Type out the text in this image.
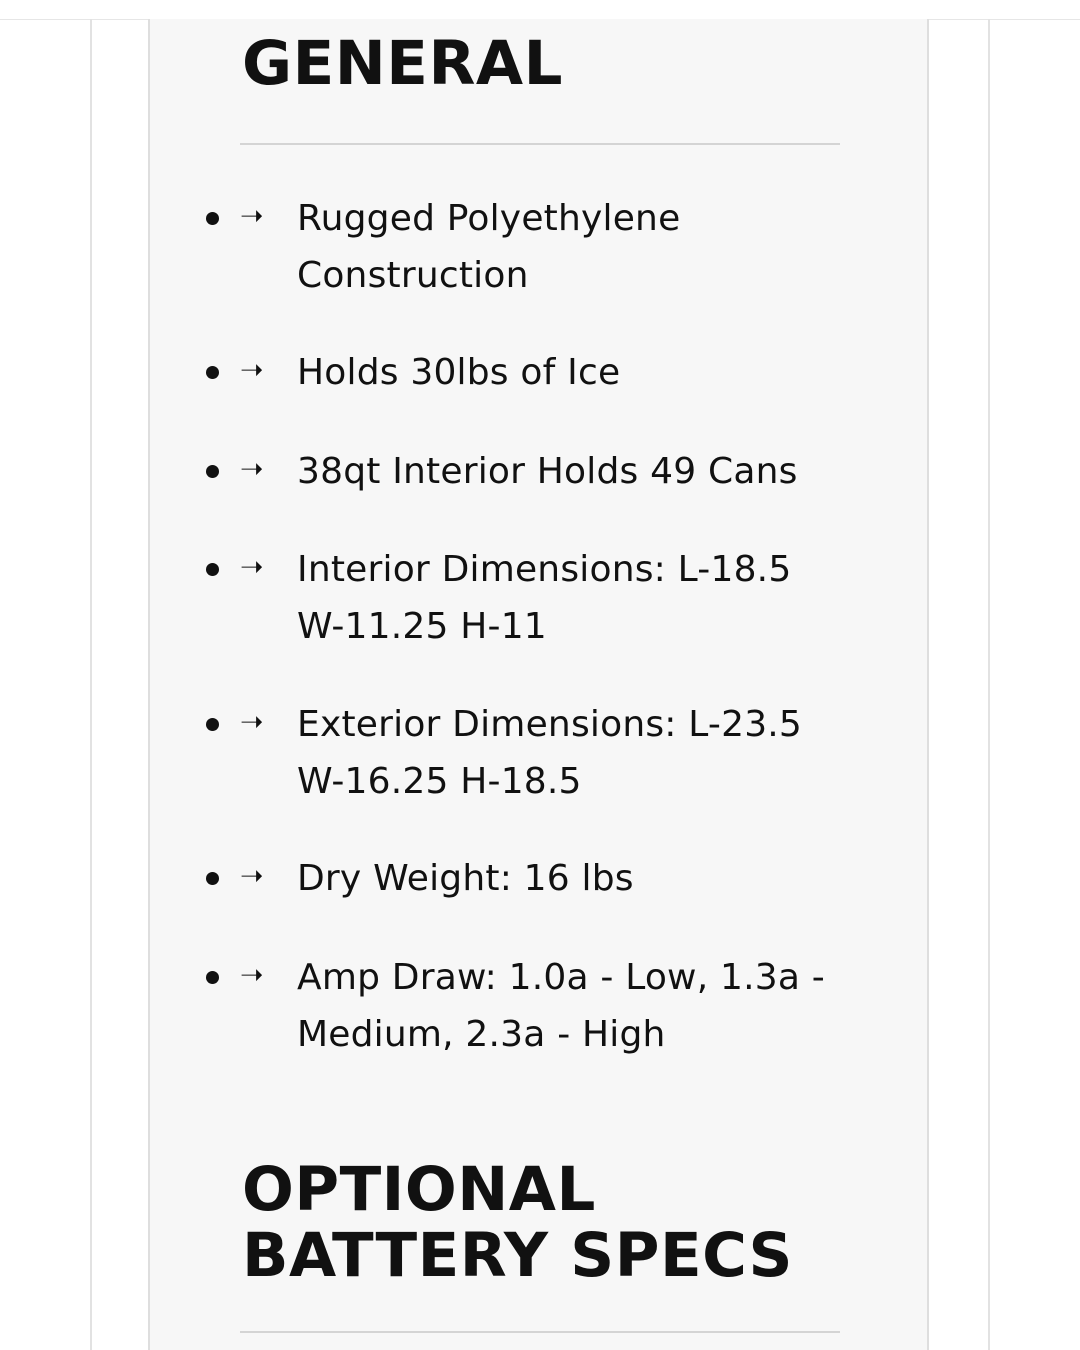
GENERAL
➝ Rugged Polyethylene Construction
➝ Holds 30lbs of Ice
➝ 38qt Interior Holds 49 Cans
➝ Interior Dimensions: L-18.5 W-11.25 H-11
➝ Exterior Dimensions: L-23.5 W-16.25 H-18.5
➝ Dry Weight: 16 lbs
➝ Amp Draw: 1.0a - Low, 1.3a - Medium, 2.3a - High
OPTIONAL BATTERY SPECS
